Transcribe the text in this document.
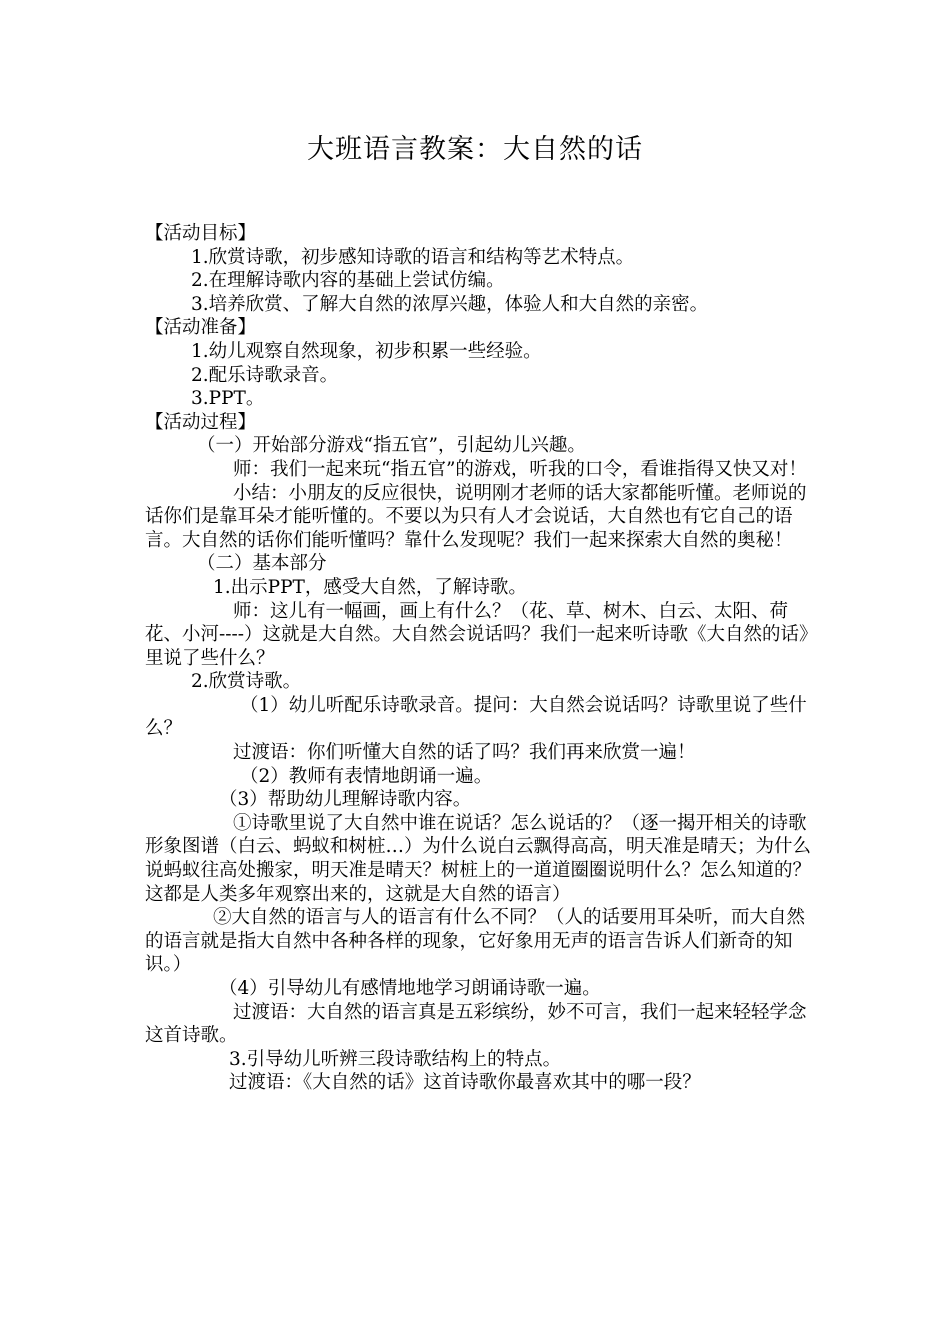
大班语言教案：大自然的话

【活动目标】

1.欣赏诗歌，初步感知诗歌的语言和结构等艺术特点。

2.在理解诗歌内容的基础上尝试仿编。

3.培养欣赏、了解大自然的浓厚兴趣，体验人和大自然的亲密。

【活动准备】

1.幼儿观察自然现象，初步积累一些经验。

2.配乐诗歌录音。

3.PPT。

【活动过程】

（一）开始部分游戏“指五官”，引起幼儿兴趣。

师：我们一起来玩“指五官”的游戏，听我的口令，看谁指得又快又对！

小结：小朋友的反应很快，说明刚才老师的话大家都能听懂。老师说的话你们是靠耳朵才能听懂的。不要以为只有人才会说话，大自然也有它自己的语言。大自然的话你们能听懂吗？靠什么发现呢？我们一起来探索大自然的奥秘！

（二）基本部分

1.出示PPT，感受大自然，了解诗歌。

师：这儿有一幅画，画上有什么？（花、草、树木、白云、太阳、荷花、小河----）这就是大自然。大自然会说话吗？我们一起来听诗歌《大自然的话》里说了些什么？

2.欣赏诗歌。

（1）幼儿听配乐诗歌录音。提问：大自然会说话吗？诗歌里说了些什么？

过渡语：你们听懂大自然的话了吗？我们再来欣赏一遍！

（2）教师有表情地朗诵一遍。

（3）帮助幼儿理解诗歌内容。

①诗歌里说了大自然中谁在说话？怎么说话的？（逐一揭开相关的诗歌形象图谱（白云、蚂蚁和树桩…）为什么说白云飘得高高，明天准是晴天；为什么说蚂蚁往高处搬家，明天准是晴天？树桩上的一道道圈圈说明什么？怎么知道的？这都是人类多年观察出来的，这就是大自然的语言）

②大自然的语言与人的语言有什么不同？（人的话要用耳朵听，而大自然的语言就是指大自然中各种各样的现象，它好象用无声的语言告诉人们新奇的知识。）

（4）引导幼儿有感情地地学习朗诵诗歌一遍。

过渡语：大自然的语言真是五彩缤纷，妙不可言，我们一起来轻轻学念这首诗歌。

3.引导幼儿听辨三段诗歌结构上的特点。

过渡语：《大自然的话》这首诗歌你最喜欢其中的哪一段？
